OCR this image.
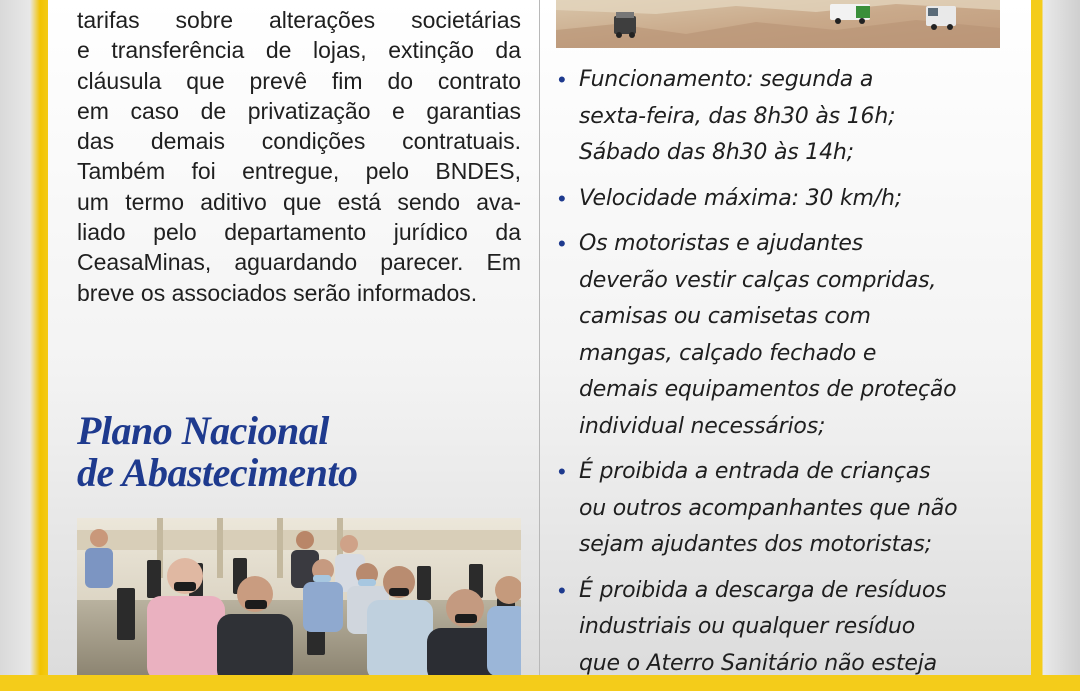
tarifas sobre alterações societárias
e transferência de lojas, extinção da
cláusula que prevê fim do contrato
em caso de privatização e garantias
das demais condições contratuais.
Também foi entregue, pelo BNDES,
um termo aditivo que está sendo ava-
liado pelo departamento jurídico da
CeasaMinas, aguardando parecer. Em
breve os associados serão informados.
Plano Nacional
de Abastecimento
• Funcionamento: segunda a
sexta-feira, das 8h30 às 16h;
Sábado das 8h30 às 14h;
• Velocidade máxima: 30 km/h;
• Os motoristas e ajudantes
deverão vestir calças compridas,
camisas ou camisetas com
mangas, calçado fechado e
demais equipamentos de proteção
individual necessários;
• É proibida a entrada de crianças
ou outros acompanhantes que não
sejam ajudantes dos motoristas;
• É proibida a descarga de resíduos
industriais ou qualquer resíduo
que o Aterro Sanitário não esteja
